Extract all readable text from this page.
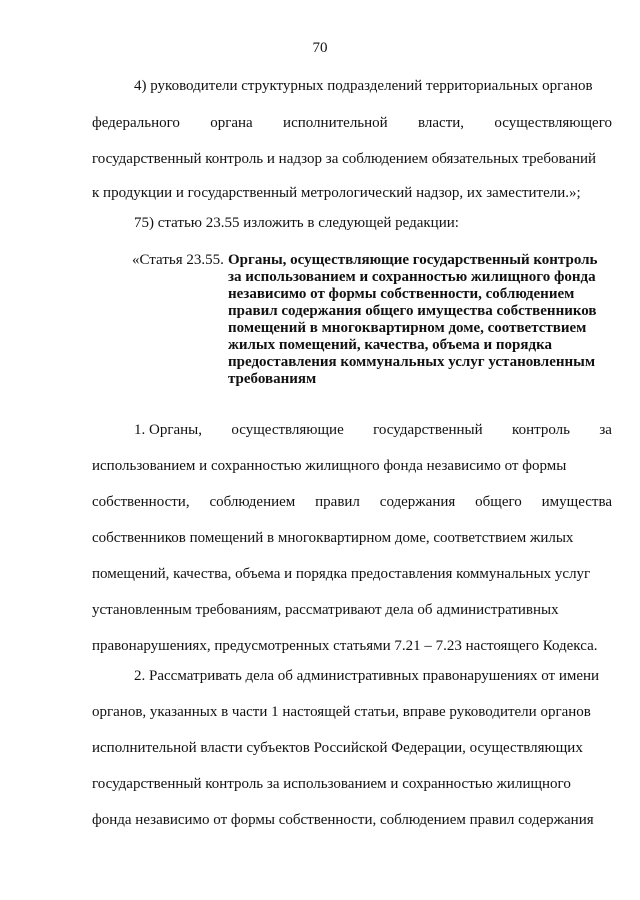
70
4) руководители структурных подразделений территориальных органов
федерального органа исполнительной власти, осуществляющего
государственный контроль и надзор за соблюдением обязательных требований
к продукции и государственный метрологический надзор, их заместители.»;
75) статью 23.55 изложить в следующей редакции:
«Статья 23.55. Органы, осуществляющие государственный контроль
за использованием и сохранностью жилищного фонда
независимо от формы собственности, соблюдением
правил содержания общего имущества собственников
помещений в многоквартирном доме, соответствием
жилых помещений, качества, объема и порядка
предоставления коммунальных услуг установленным
требованиям
1. Органы, осуществляющие государственный контроль за
использованием и сохранностью жилищного фонда независимо от формы
собственности, соблюдением правил содержания общего имущества
собственников помещений в многоквартирном доме, соответствием жилых
помещений, качества, объема и порядка предоставления коммунальных услуг
установленным требованиям, рассматривают дела об административных
правонарушениях, предусмотренных статьями 7.21 – 7.23 настоящего Кодекса.
2. Рассматривать дела об административных правонарушениях от имени
органов, указанных в части 1 настоящей статьи, вправе руководители органов
исполнительной власти субъектов Российской Федерации, осуществляющих
государственный контроль за использованием и сохранностью жилищного
фонда независимо от формы собственности, соблюдением правил содержания
